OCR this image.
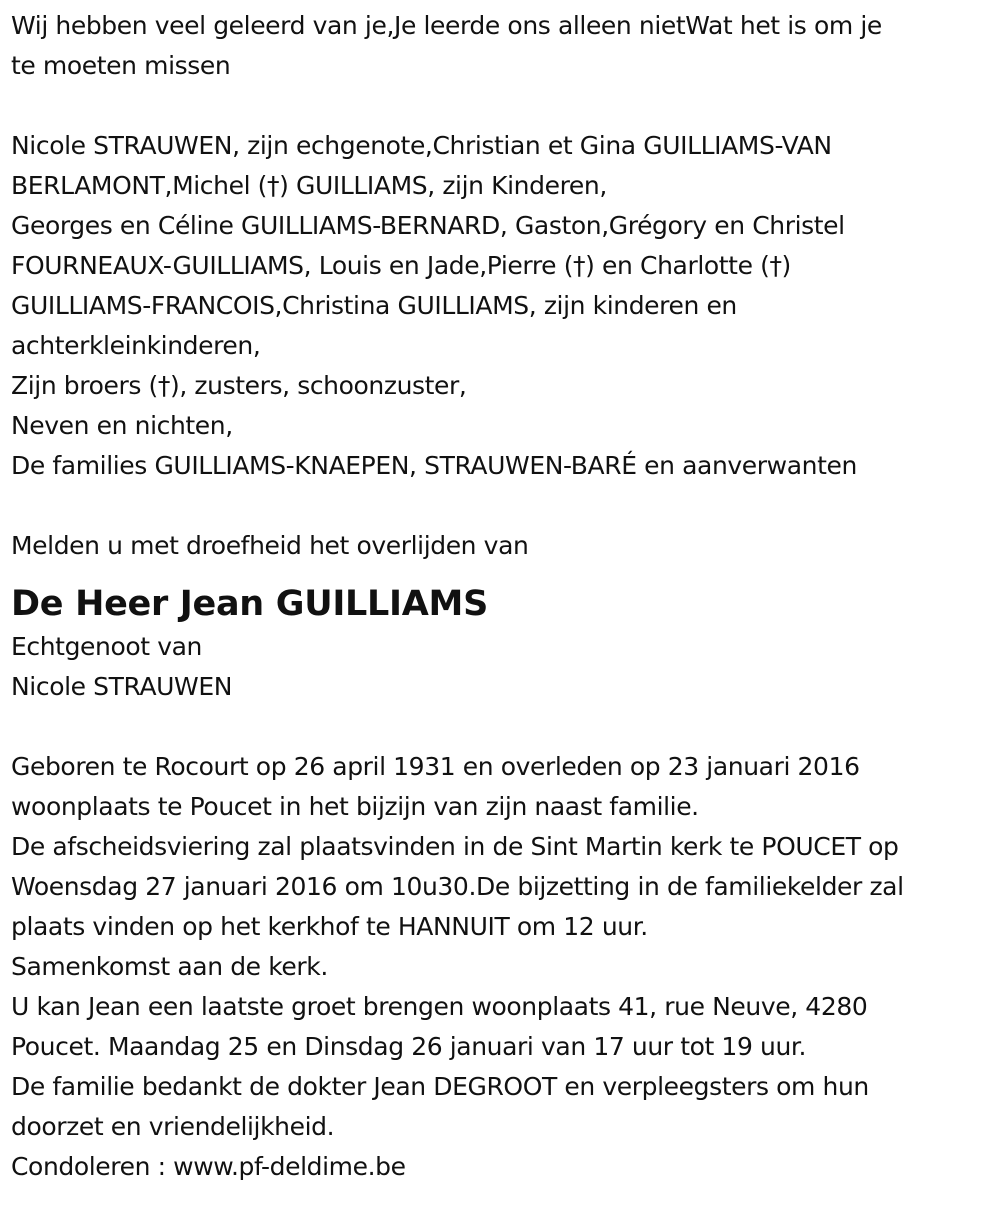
Wij hebben veel geleerd van je,Je leerde ons alleen nietWat het is om je
te moeten missen
Nicole STRAUWEN, zijn echgenote,Christian et Gina GUILLIAMS-VAN
BERLAMONT,Michel (†) GUILLIAMS, zijn Kinderen,
Georges en Céline GUILLIAMS-BERNARD, Gaston,Grégory en Christel
FOURNEAUX-GUILLIAMS, Louis en Jade,Pierre (†) en Charlotte (†)
GUILLIAMS-FRANCOIS,Christina GUILLIAMS, zijn kinderen en
achterkleinkinderen,
Zijn broers (†), zusters, schoonzuster,
Neven en nichten,
De families GUILLIAMS-KNAEPEN, STRAUWEN-BARÉ en aanverwanten
Melden u met droefheid het overlijden van
De Heer Jean GUILLIAMS
Echtgenoot van
Nicole STRAUWEN
Geboren te Rocourt op 26 april 1931 en overleden op 23 januari 2016
woonplaats te Poucet in het bijzijn van zijn naast familie.
De afscheidsviering zal plaatsvinden in de Sint Martin kerk te POUCET op
Woensdag 27 januari 2016 om 10u30.De bijzetting in de familiekelder zal
plaats vinden op het kerkhof te HANNUIT om 12 uur.
Samenkomst aan de kerk.
U kan Jean een laatste groet brengen woonplaats 41, rue Neuve, 4280
Poucet. Maandag 25 en Dinsdag 26 januari van 17 uur tot 19 uur.
De familie bedankt de dokter Jean DEGROOT en verpleegsters om hun
doorzet en vriendelijkheid.
Condoleren : www.pf-deldime.be
